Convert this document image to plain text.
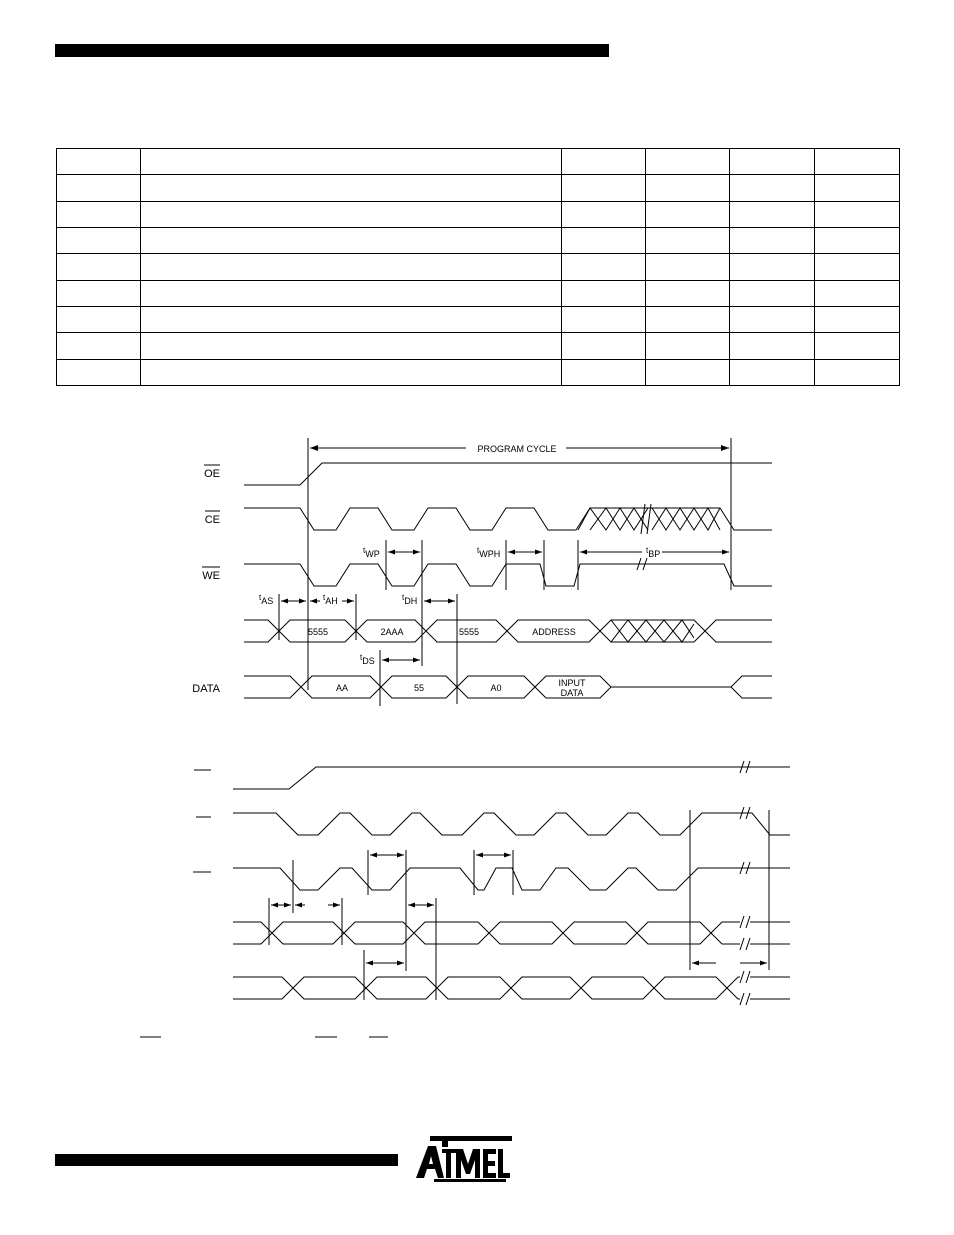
PROGRAM CYCLE
OE
CE
WE
$^t$WP	$^t$WPH	$^t$BP
$^t$AS	$^t$AH	$^t$DH
5555	2AAA	5555	ADDRESS
$^t$DS
DATA	AA	55	A0	INPUT
DATA
